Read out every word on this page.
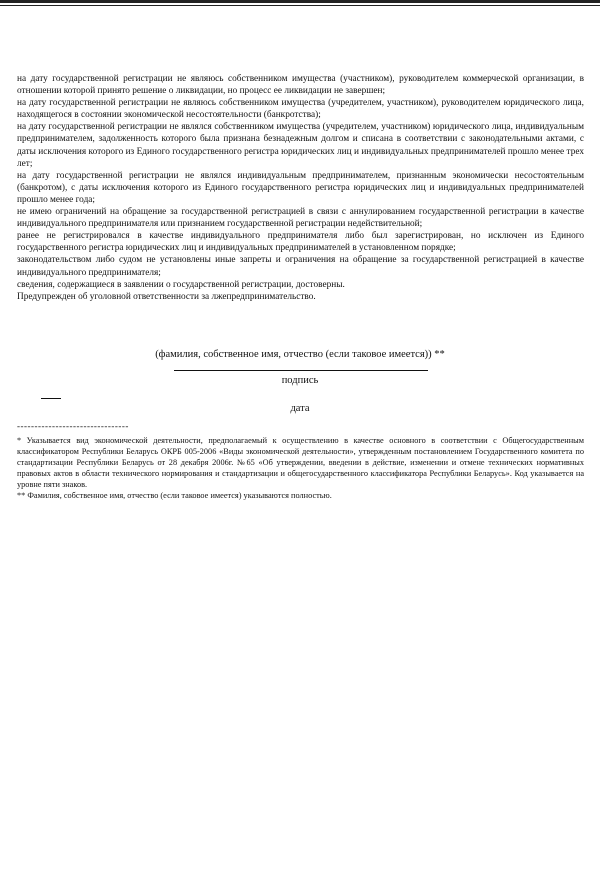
на дату государственной регистрации не являюсь собственником имущества (участником), руководителем коммерческой организации, в отношении которой принято решение о ликвидации, но процесс ее ликвидации не завершен;

на дату государственной регистрации не являюсь собственником имущества (учредителем, участником), руководителем юридического лица, находящегося в состоянии экономической несостоятельности (банкротства);

на дату государственной регистрации не являлся собственником имущества (учредителем, участником) юридического лица, индивидуальным предпринимателем, задолженность которого была признана безнадежным долгом и списана в соответствии с законодательными актами, с даты исключения которого из Единого государственного регистра юридических лиц и индивидуальных предпринимателей прошло менее трех лет;

на дату государственной регистрации не являлся индивидуальным предпринимателем, признанным экономически несостоятельным (банкротом), с даты исключения которого из Единого государственного регистра юридических лиц и индивидуальных предпринимателей прошло менее года;

не имею ограничений на обращение за государственной регистрацией в связи с аннулированием государственной регистрации в качестве индивидуального предпринимателя или признанием государственной регистрации недействительной;

ранее не регистрировался в качестве индивидуального предпринимателя либо был зарегистрирован, но исключен из Единого государственного регистра юридических лиц и индивидуальных предпринимателей в установленном порядке;

законодательством либо судом не установлены иные запреты и ограничения на обращение за государственной регистрацией в качестве индивидуального предпринимателя;

сведения, содержащиеся в заявлении о государственной регистрации, достоверны.

Предупрежден об уголовной ответственности за лжепредпринимательство.

(фамилия, собственное имя, отчество (если таковое имеется)) **
подпись
дата
--------------------------------

* Указывается вид экономической деятельности, предполагаемый к осуществлению в качестве основного в соответствии с Общегосударственным классификатором Республики Беларусь ОКРБ 005-2006 «Виды экономической деятельности», утвержденным постановлением Государственного комитета по стандартизации Республики Беларусь от 28 декабря 2006г. №65 «Об утверждении, введении в действие, изменении и отмене технических нормативных правовых актов в области технического нормирования и стандартизации и общегосударственного классификатора Республики Беларусь». Код указывается на уровне пяти знаков.

** Фамилия, собственное имя, отчество (если таковое имеется) указываются полностью.
